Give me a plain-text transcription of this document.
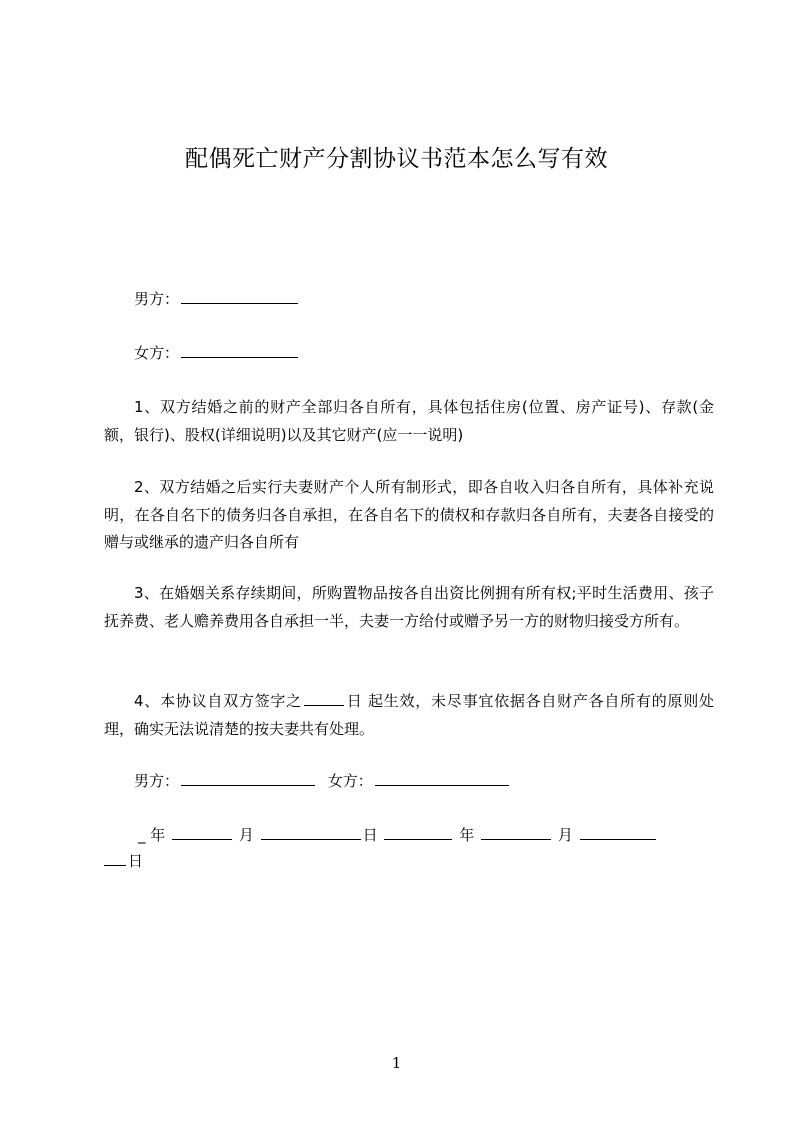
配偶死亡财产分割协议书范本怎么写有效

男方：

女方：

1、双方结婚之前的财产全部归各自所有，具体包括住房(位置、房产证号)、存款(金额，银行)、股权(详细说明)以及其它财产(应一一说明)

2、双方结婚之后实行夫妻财产个人所有制形式，即各自收入归各自所有，具体补充说明，在各自名下的债务归各自承担，在各自名下的债权和存款归各自所有，夫妻各自接受的赠与或继承的遗产归各自所有

3、在婚姻关系存续期间，所购置物品按各自出资比例拥有所有权;平时生活费用、孩子抚养费、老人赡养费用各自承担一半，夫妻一方给付或赠予另一方的财物归接受方所有。

4、本协议自双方签字之	日 起生效，未尽事宜依据各自财产各自所有的原则处理，确实无法说清楚的按夫妻共有处理。

男方：	女方：

_ 年	月	日	年	月

日

1
